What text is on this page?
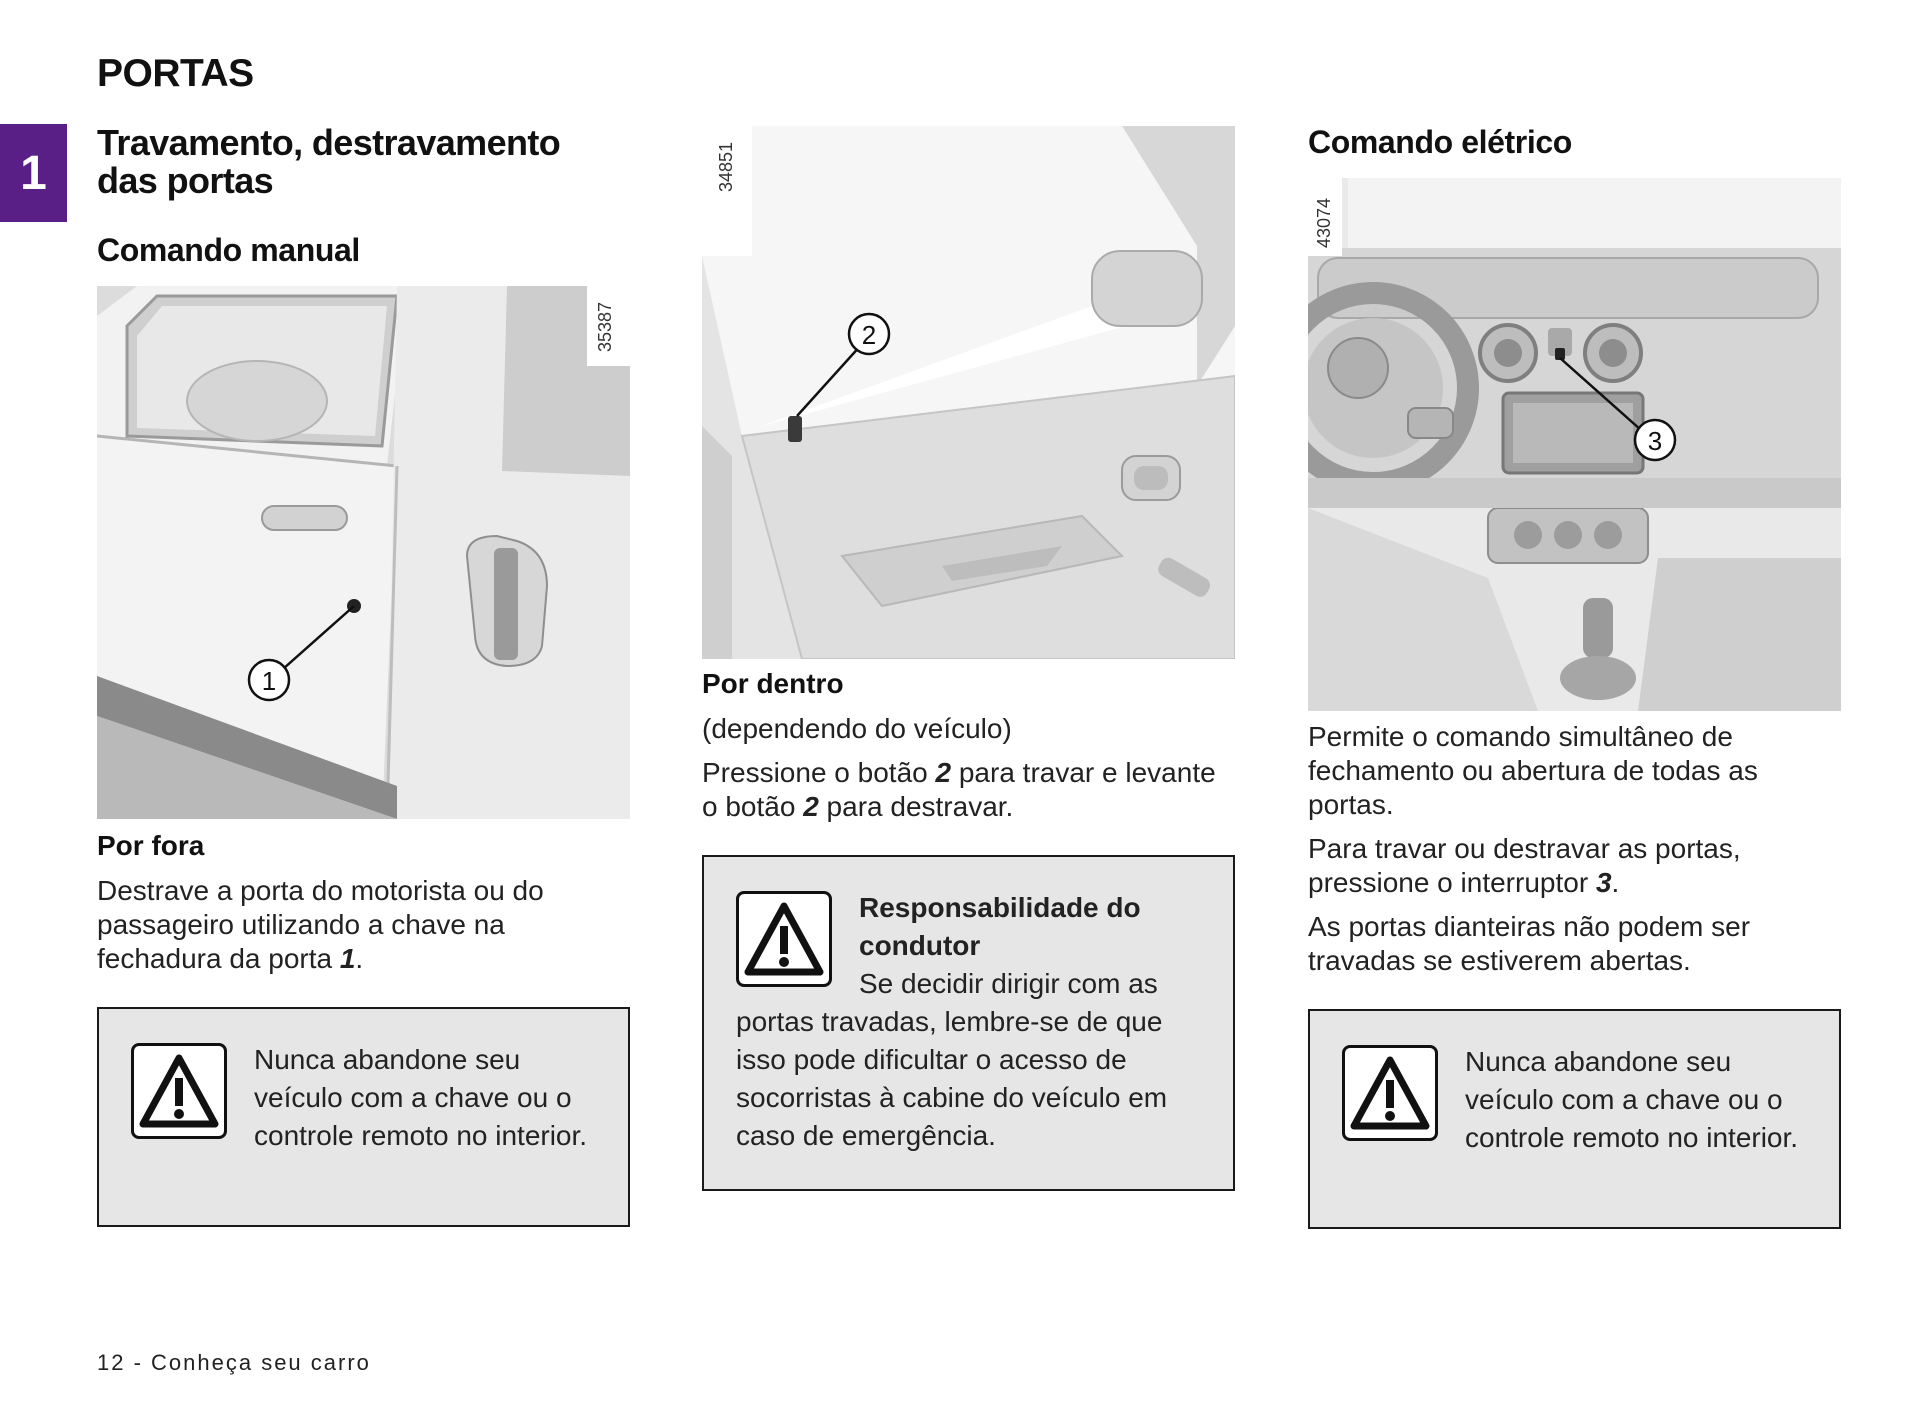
PORTAS
1
Travamento, destravamento
das portas
Comando manual
1
35387
Por fora
Destrave a porta do motorista ou do passageiro utilizando a chave na fechadura da porta 1.
Nunca abandone seu veículo com a chave ou o controle remoto no interior.
2
34851
Por dentro
(dependendo do veículo)
Pressione o botão 2 para travar e levante o botão 2 para destravar.
Responsabilidade do condutor
Se decidir dirigir com as portas travadas, lembre-se de que isso pode dificultar o acesso de socorristas à cabine do veículo em caso de emergência.
Comando elétrico
3
43074
Permite o comando simultâneo de fechamento ou abertura de todas as portas.
Para travar ou destravar as portas, pressione o interruptor 3.
As portas dianteiras não podem ser travadas se estiverem abertas.
Nunca abandone seu veículo com a chave ou o controle remoto no interior.
12 - Conheça seu carro
